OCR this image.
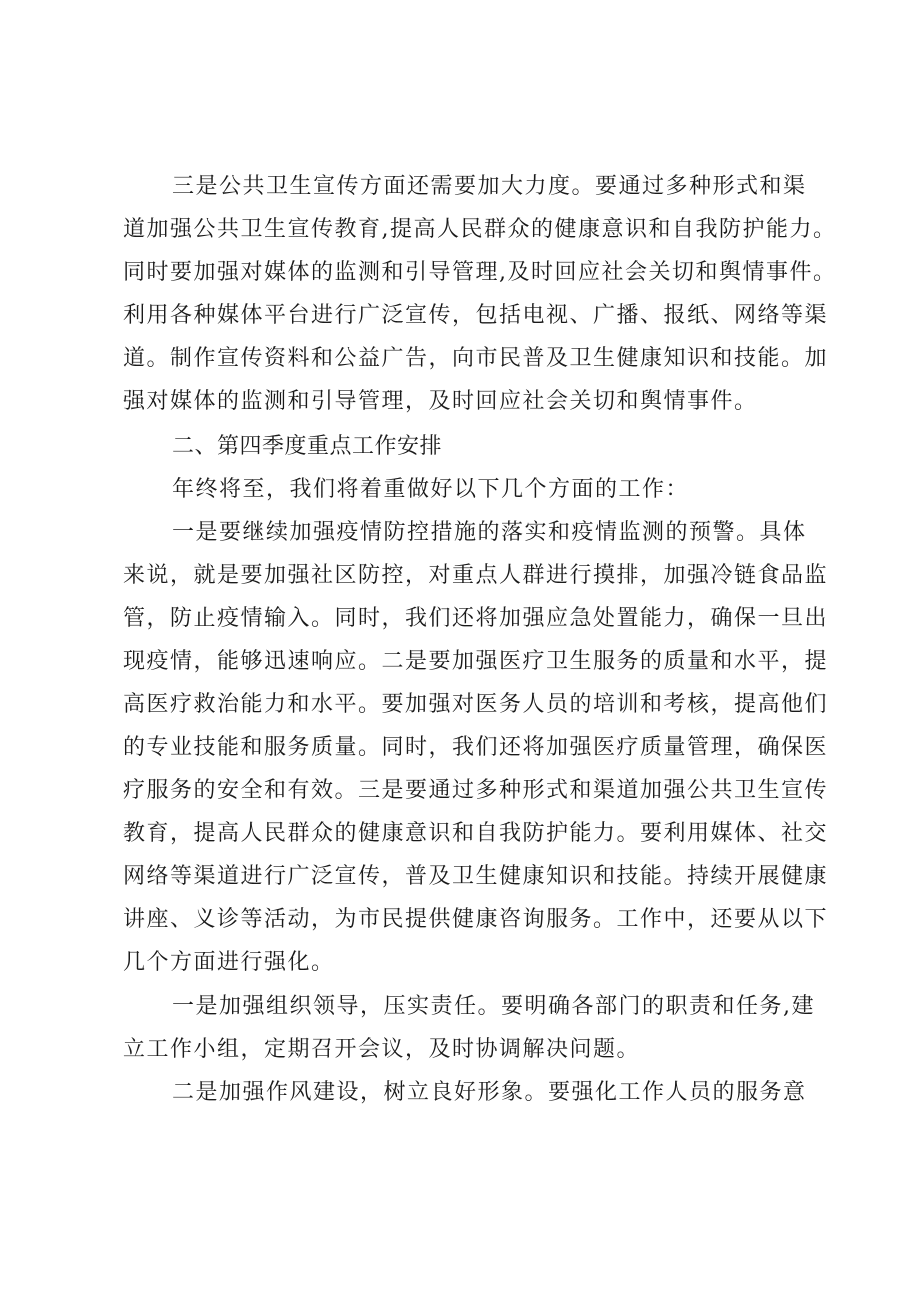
三是公共卫生宣传方面还需要加大力度。要通过多种形式和渠

道加强公共卫生宣传教育,提高人民群众的健康意识和自我防护能力。

同时要加强对媒体的监测和引导管理,及时回应社会关切和舆情事件。

利用各种媒体平台进行广泛宣传，包括电视、广播、报纸、网络等渠

道。制作宣传资料和公益广告，向市民普及卫生健康知识和技能。加

强对媒体的监测和引导管理，及时回应社会关切和舆情事件。

二、第四季度重点工作安排

年终将至，我们将着重做好以下几个方面的工作：

一是要继续加强疫情防控措施的落实和疫情监测的预警。具体

来说，就是要加强社区防控，对重点人群进行摸排，加强冷链食品监

管，防止疫情输入。同时，我们还将加强应急处置能力，确保一旦出

现疫情，能够迅速响应。二是要加强医疗卫生服务的质量和水平，提

高医疗救治能力和水平。要加强对医务人员的培训和考核，提高他们

的专业技能和服务质量。同时，我们还将加强医疗质量管理，确保医

疗服务的安全和有效。三是要通过多种形式和渠道加强公共卫生宣传

教育，提高人民群众的健康意识和自我防护能力。要利用媒体、社交

网络等渠道进行广泛宣传，普及卫生健康知识和技能。持续开展健康

讲座、义诊等活动，为市民提供健康咨询服务。工作中，还要从以下

几个方面进行强化。

一是加强组织领导，压实责任。要明确各部门的职责和任务,建

立工作小组，定期召开会议，及时协调解决问题。

二是加强作风建设，树立良好形象。要强化工作人员的服务意
